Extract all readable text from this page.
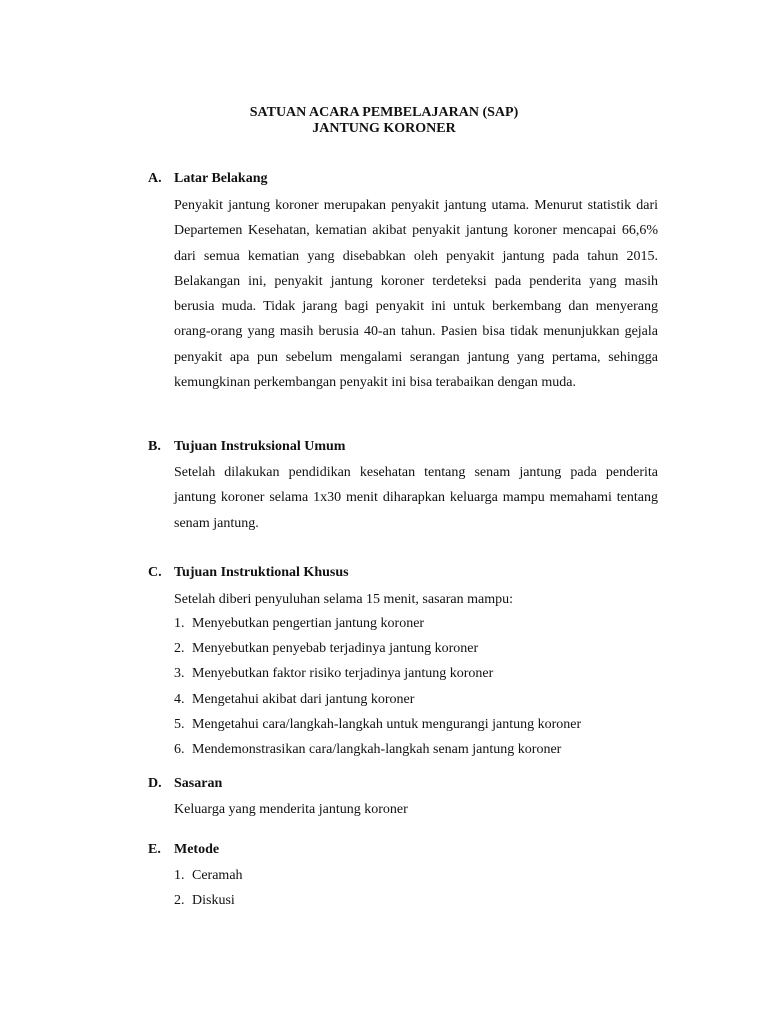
SATUAN ACARA PEMBELAJARAN (SAP)
JANTUNG KORONER
A. Latar Belakang
Penyakit jantung koroner merupakan penyakit jantung utama. Menurut statistik dari Departemen Kesehatan, kematian akibat penyakit jantung koroner mencapai 66,6% dari semua kematian yang disebabkan oleh penyakit jantung pada tahun 2015. Belakangan ini, penyakit jantung koroner terdeteksi pada penderita yang masih berusia muda. Tidak jarang bagi penyakit ini untuk berkembang dan menyerang orang-orang yang masih berusia 40-an tahun. Pasien bisa tidak menunjukkan gejala penyakit apa pun sebelum mengalami serangan jantung yang pertama, sehingga kemungkinan perkembangan penyakit ini bisa terabaikan dengan muda.
B. Tujuan Instruksional Umum
Setelah dilakukan pendidikan kesehatan tentang senam jantung pada penderita jantung koroner selama 1x30 menit diharapkan keluarga mampu memahami tentang senam jantung.
C. Tujuan Instruktional Khusus
Setelah diberi penyuluhan selama 15 menit, sasaran mampu:
1. Menyebutkan pengertian jantung koroner
2. Menyebutkan penyebab terjadinya jantung koroner
3. Menyebutkan faktor risiko terjadinya jantung koroner
4. Mengetahui akibat dari jantung koroner
5. Mengetahui cara/langkah-langkah untuk mengurangi jantung koroner
6. Mendemonstrasikan cara/langkah-langkah senam jantung koroner
D. Sasaran
Keluarga yang menderita jantung koroner
E. Metode
1. Ceramah
2. Diskusi
